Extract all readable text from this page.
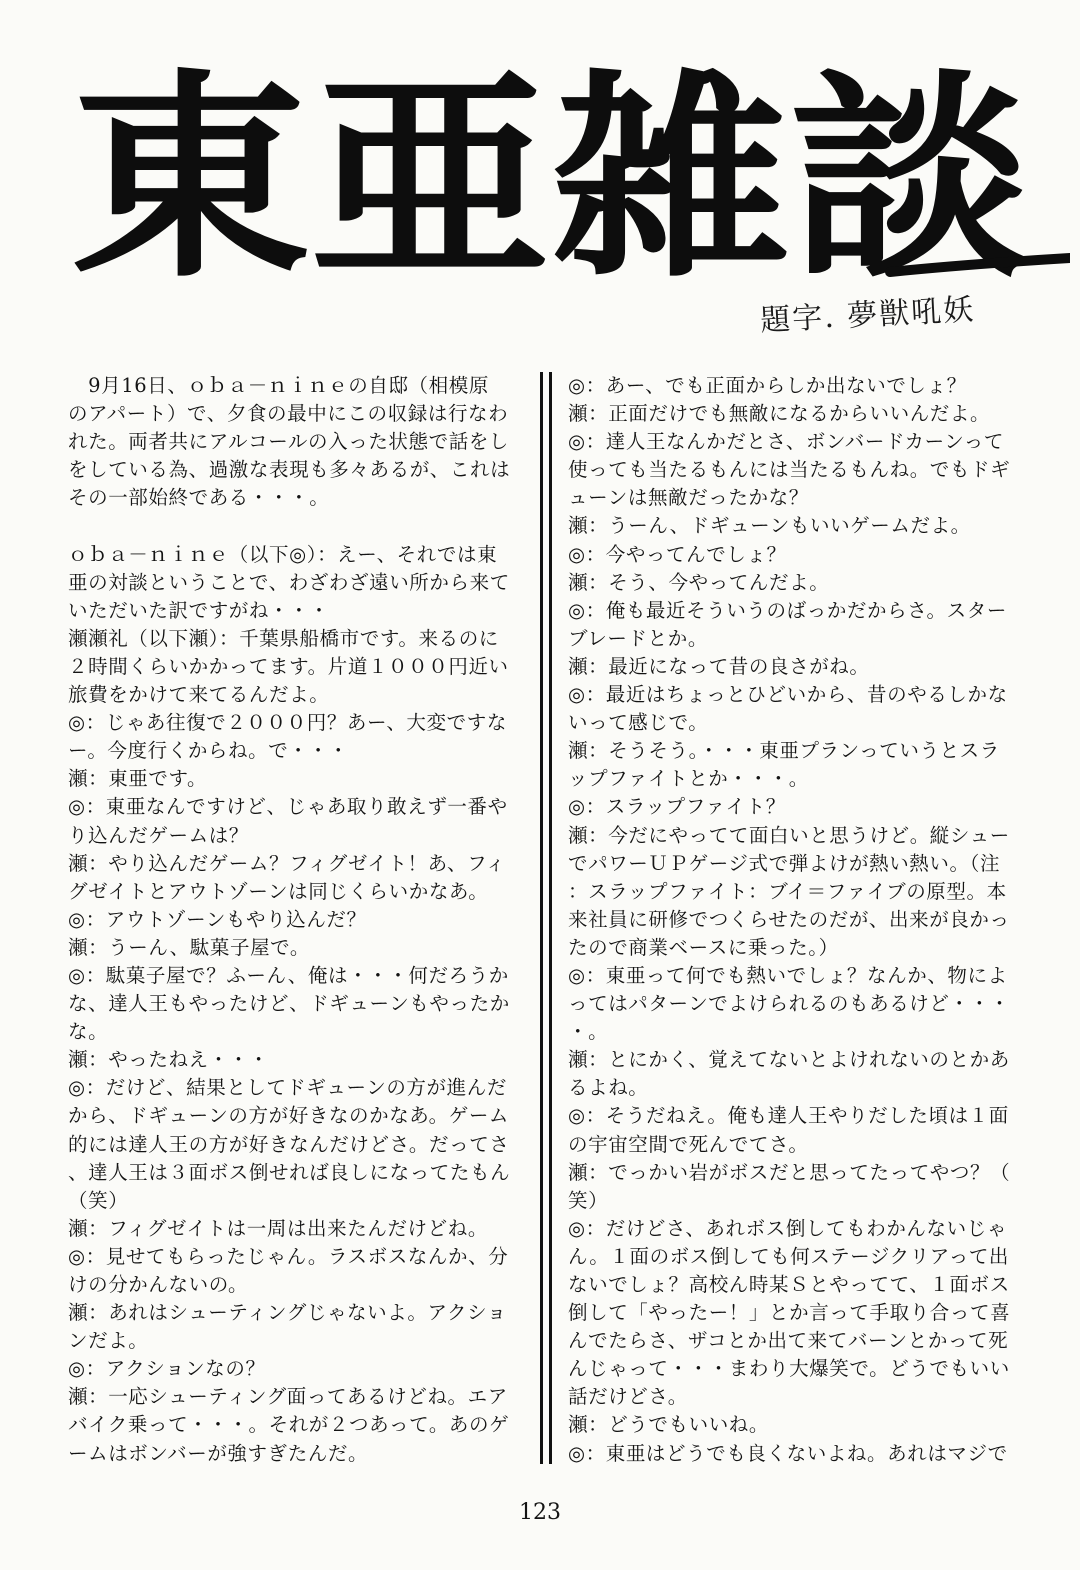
東亜雑談
題字. 夢獣吼妖
　9月16日、ｏｂａ－ｎｉｎｅの自邸（相模原
のアパート）で、夕食の最中にこの収録は行なわ
れた。両者共にアルコールの入った状態で話をし
をしている為、過激な表現も多々あるが、これは
その一部始終である・・・。
ｏｂａ－ｎｉｎｅ（以下◎）：えー、それでは東
亜の対談ということで、わざわざ遠い所から来て
いただいた訳ですがね・・・
瀬瀬礼（以下瀬）：千葉県船橋市です。来るのに
２時間くらいかかってます。片道１０００円近い
旅費をかけて来てるんだよ。
◎：じゃあ往復で２０００円？あー、大変ですな
ー。今度行くからね。で・・・
瀬：東亜です。
◎：東亜なんですけど、じゃあ取り敢えず一番や
り込んだゲームは？
瀬：やり込んだゲーム？フィグゼイト！あ、フィ
グゼイトとアウトゾーンは同じくらいかなあ。
◎：アウトゾーンもやり込んだ？
瀬：うーん、駄菓子屋で。
◎：駄菓子屋で？ふーん、俺は・・・何だろうか
な、達人王もやったけど、ドギューンもやったか
な。
瀬：やったねえ・・・
◎：だけど、結果としてドギューンの方が進んだ
から、ドギューンの方が好きなのかなあ。ゲーム
的には達人王の方が好きなんだけどさ。だってさ
、達人王は３面ボス倒せれば良しになってたもん
（笑）
瀬：フィグゼイトは一周は出来たんだけどね。
◎：見せてもらったじゃん。ラスボスなんか、分
けの分かんないの。
瀬：あれはシューティングじゃないよ。アクショ
ンだよ。
◎：アクションなの？
瀬：一応シューティング面ってあるけどね。エア
バイク乗って・・・。それが２つあって。あのゲ
ームはボンバーが強すぎたんだ。
◎：あー、でも正面からしか出ないでしょ？
瀬：正面だけでも無敵になるからいいんだよ。
◎：達人王なんかだとさ、ボンバードカーンって
使っても当たるもんには当たるもんね。でもドギ
ューンは無敵だったかな？
瀬：うーん、ドギューンもいいゲームだよ。
◎：今やってんでしょ？
瀬：そう、今やってんだよ。
◎：俺も最近そういうのばっかだからさ。スター
ブレードとか。
瀬：最近になって昔の良さがね。
◎：最近はちょっとひどいから、昔のやるしかな
いって感じで。
瀬：そうそう。・・・東亜プランっていうとスラ
ップファイトとか・・・。
◎：スラップファイト？
瀬：今だにやってて面白いと思うけど。縦シュー
でパワーＵＰゲージ式で弾よけが熱い熱い。（注
：スラップファイト：ブイ＝ファイブの原型。本
来社員に研修でつくらせたのだが、出来が良かっ
たので商業ベースに乗った。）
◎：東亜って何でも熱いでしょ？なんか、物によ
ってはパターンでよけられるのもあるけど・・・
・。
瀬：とにかく、覚えてないとよけれないのとかあ
るよね。
◎：そうだねえ。俺も達人王やりだした頃は１面
の宇宙空間で死んでてさ。
瀬：でっかい岩がボスだと思ってたってやつ？（
笑）
◎：だけどさ、あれボス倒してもわかんないじゃ
ん。１面のボス倒しても何ステージクリアって出
ないでしょ？高校ん時某Ｓとやってて、１面ボス
倒して「やったー！」とか言って手取り合って喜
んでたらさ、ザコとか出て来てバーンとかって死
んじゃって・・・まわり大爆笑で。どうでもいい
話だけどさ。
瀬：どうでもいいね。
◎：東亜はどうでも良くないよね。あれはマジで
123
